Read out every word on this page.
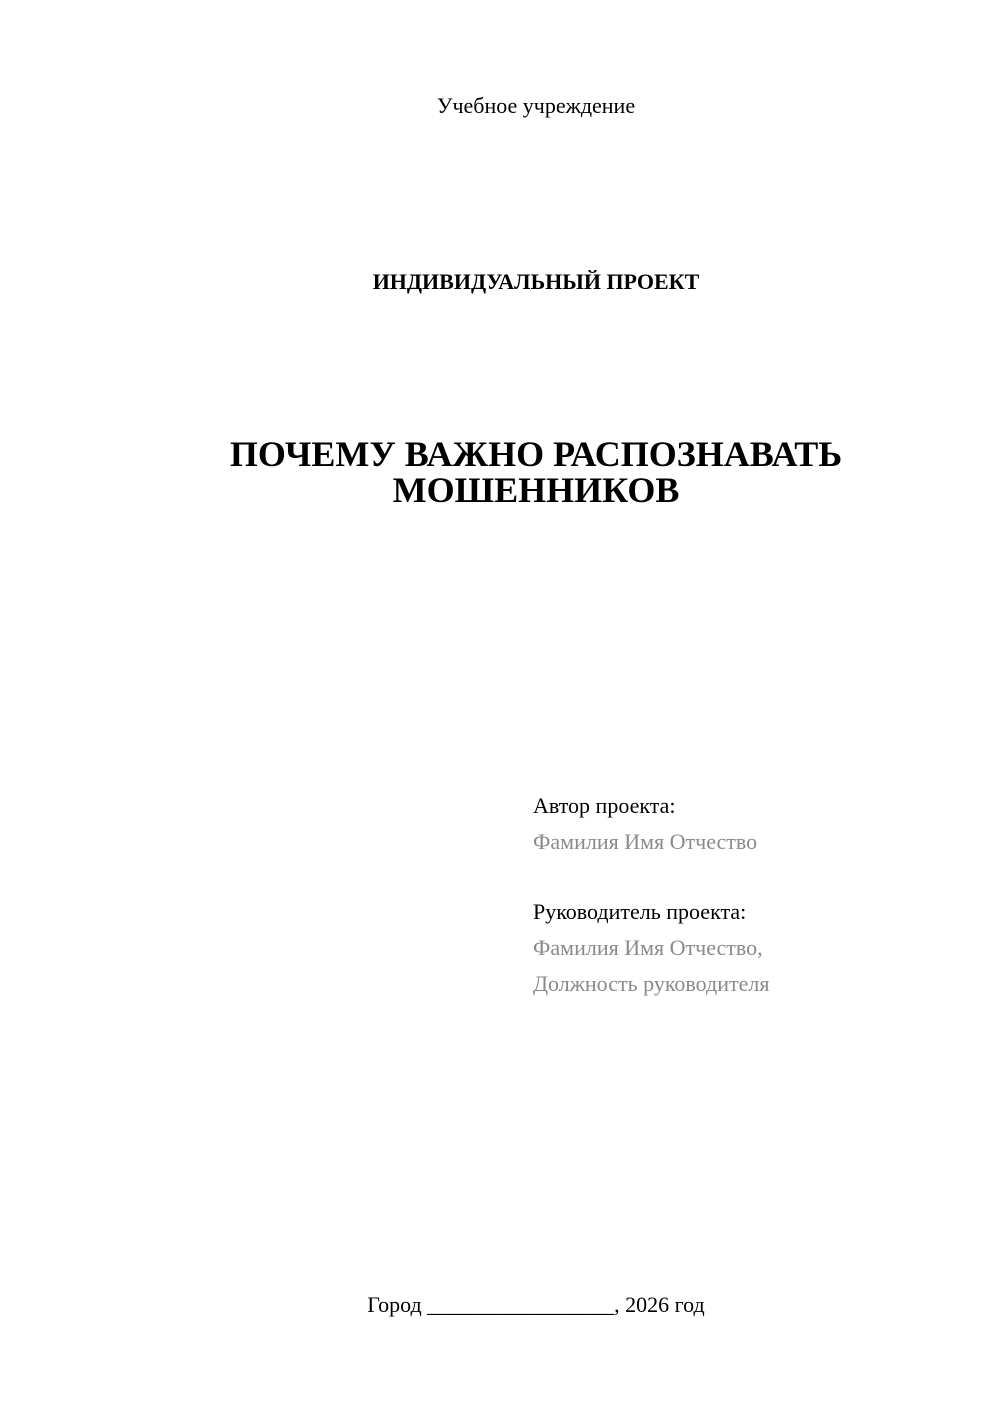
Учебное учреждение
ИНДИВИДУАЛЬНЫЙ ПРОЕКТ
ПОЧЕМУ ВАЖНО РАСПОЗНАВАТЬ
МОШЕННИКОВ
Автор проекта:
Фамилия Имя Отчество
Руководитель проекта:
Фамилия Имя Отчество,
Должность руководителя
Город _________________, 2026 год
